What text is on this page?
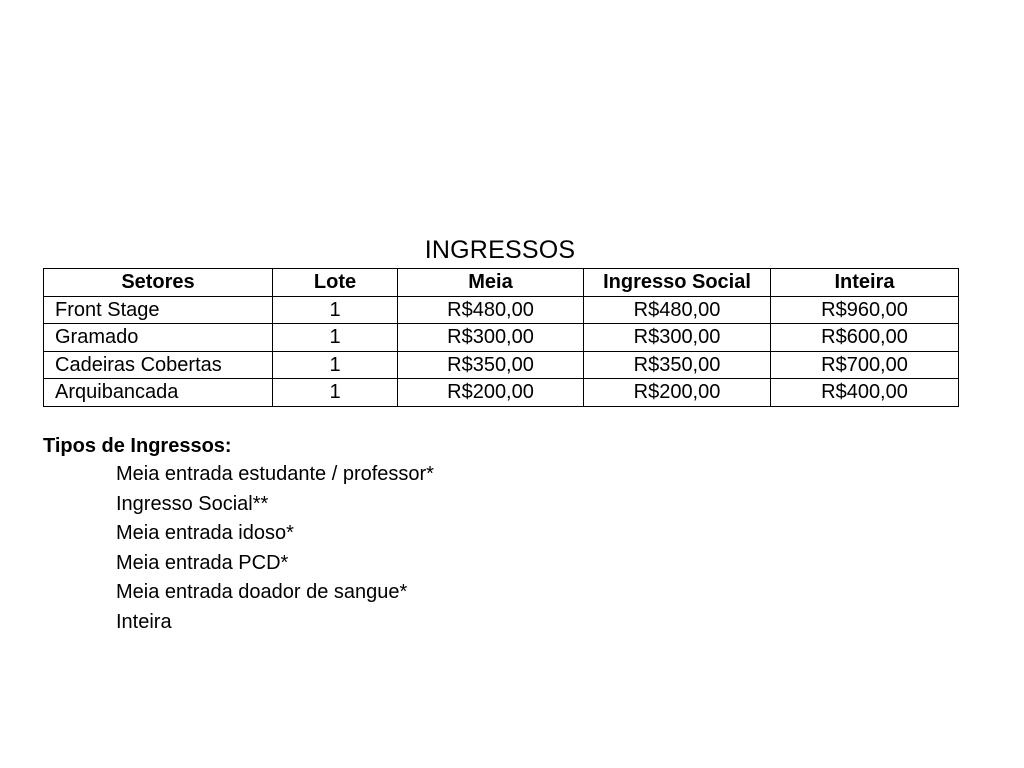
INGRESSOS
Setores	Lote	Meia	Ingresso Social	Inteira
Front Stage	1	R$480,00	R$480,00	R$960,00
Gramado	1	R$300,00	R$300,00	R$600,00
Cadeiras Cobertas	1	R$350,00	R$350,00	R$700,00
Arquibancada	1	R$200,00	R$200,00	R$400,00
Tipos de Ingressos:
Meia entrada estudante / professor*
Ingresso Social**
Meia entrada idoso*
Meia entrada PCD*
Meia entrada doador de sangue*
Inteira
